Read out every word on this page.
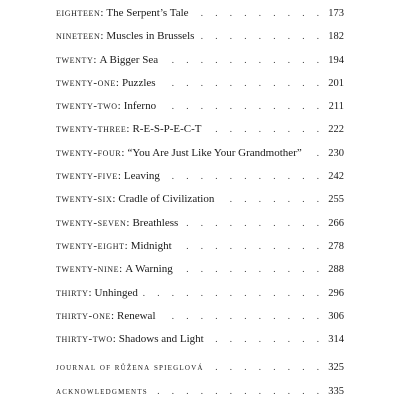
eighteen : The Serpent’s Tale . . .	173
nineteen : Muscles in Brussels . . .	182
twenty : A Bigger Sea . . .	194
twenty-one : Puzzles . . .	201
twenty-two : Inferno . . .	211
twenty-three : R-E-S-P-E-C-T . . .	222
twenty-four : “You Are Just Like Your Grandmother” . . .	230
twenty-five : Leaving . . .	242
twenty-six : Cradle of Civilization . . .	255
twenty-seven : Breathless . . .	266
twenty-eight : Midnight . . .	278
twenty-nine : A Warning . . .	288
thirty : Unhinged . . .	296
thirty-one : Renewal . . .	306
thirty-two : Shadows and Light . . .	314
journal of růžena spieglová . . .	325
acknowledgments . . .	335
